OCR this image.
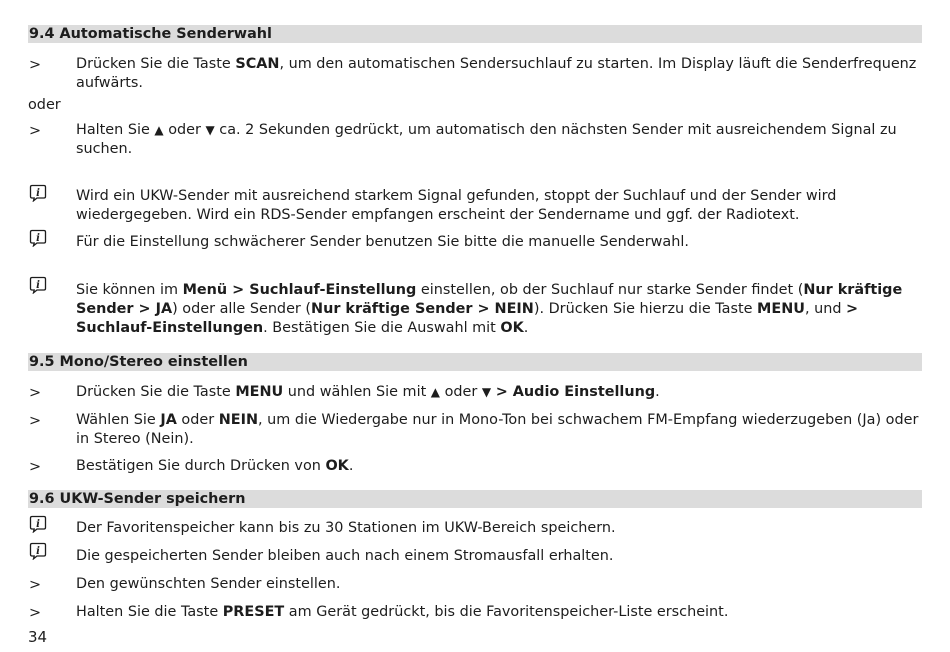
9.4 Automatische Senderwahl
> Drücken Sie die Taste SCAN, um den automatischen Sendersuchlauf zu starten. Im Display läuft die Senderfrequenz aufwärts.
oder
> Halten Sie ▲ oder ▼ ca. 2 Sekunden gedrückt, um automatisch den nächsten Sender mit ausreichendem Signal zu suchen.
i	Wird ein UKW-Sender mit ausreichend starkem Signal gefunden, stoppt der Suchlauf und der Sender wird wiedergegeben. Wird ein RDS-Sender empfangen erscheint der Sendername und ggf. der Radiotext.
i	Für die Einstellung schwächerer Sender benutzen Sie bitte die manuelle Senderwahl.
i	Sie können im Menü > Suchlauf-Einstellung einstellen, ob der Suchlauf nur starke Sender findet (Nur kräftige Sender > JA) oder alle Sender (Nur kräftige Sender > NEIN). Drücken Sie hierzu die Taste MENU, und > Suchlauf-Einstellungen. Bestätigen Sie die Auswahl mit OK.
9.5 Mono/Stereo einstellen
> Drücken Sie die Taste MENU und wählen Sie mit ▲ oder ▼ > Audio Einstellung.
> Wählen Sie JA oder NEIN, um die Wiedergabe nur in Mono-Ton bei schwachem FM-Empfang wiederzugeben (Ja) oder in Stereo (Nein).
> Bestätigen Sie durch Drücken von OK.
9.6 UKW-Sender speichern
i	Der Favoritenspeicher kann bis zu 30 Stationen im UKW-Bereich speichern.
i	Die gespeicherten Sender bleiben auch nach einem Stromausfall erhalten.
> Den gewünschten Sender einstellen.
> Halten Sie die Taste PRESET am Gerät gedrückt, bis die Favoritenspeicher-Liste erscheint.
34
